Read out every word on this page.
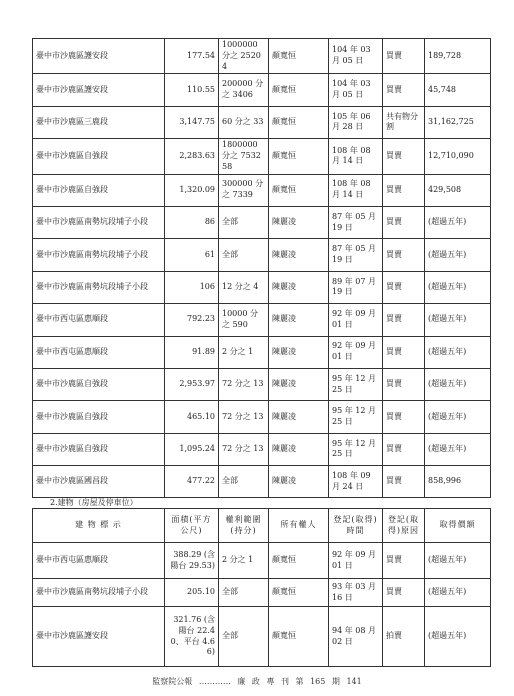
臺中市沙鹿區護安段	177.54	1000000 分之 25204	顏寬恒	104 年 03 月 05 日	買賣	189,728
臺中市沙鹿區護安段	110.55	200000 分之 3406	顏寬恒	104 年 03 月 05 日	買賣	45,748
臺中市沙鹿區三鹿段	3,147.75	60 分之 33	顏寬恒	105 年 06 月 28 日	共有物分割	31,162,725
臺中市沙鹿區自強段	2,283.63	1800000 分之 753258	顏寬恒	108 年 08 月 14 日	買賣	12,710,090
臺中市沙鹿區自強段	1,320.09	300000 分之 7339	顏寬恒	108 年 08 月 14 日	買賣	429,508
臺中市沙鹿區南勢坑段埔子小段	86	全部	陳麗凌	87 年 05 月 19 日	買賣	(超過五年)
臺中市沙鹿區南勢坑段埔子小段	61	全部	陳麗凌	87 年 05 月 19 日	買賣	(超過五年)
臺中市沙鹿區南勢坑段埔子小段	106	12 分之 4	陳麗凌	89 年 07 月 19 日	買賣	(超過五年)
臺中市西屯區惠順段	792.23	10000 分之 590	陳麗凌	92 年 09 月 01 日	買賣	(超過五年)
臺中市西屯區惠順段	91.89	2 分之 1	陳麗凌	92 年 09 月 01 日	買賣	(超過五年)
臺中市沙鹿區自強段	2,953.97	72 分之 13	陳麗凌	95 年 12 月 25 日	買賣	(超過五年)
臺中市沙鹿區自強段	465.10	72 分之 13	陳麗凌	95 年 12 月 25 日	買賣	(超過五年)
臺中市沙鹿區自強段	1,095.24	72 分之 13	陳麗凌	95 年 12 月 25 日	買賣	(超過五年)
臺中市沙鹿區國昌段	477.22	全部	陳麗凌	108 年 09 月 24 日	買賣	858,996
2.建物（房屋及停車位）
建 物 標 示	面積(平方公尺)	權利範圍(持分)	所有權人	登記(取得)時間	登記(取得)原因	取得價額
臺中市西屯區惠順段	388.29 (含陽台 29.53)	2 分之 1	顏寬恒	92 年 09 月 01 日	買賣	(超過五年)
臺中市沙鹿區南勢坑段埔子小段	205.10	全部	顏寬恒	93 年 03 月 16 日	買賣	(超過五年)
臺中市沙鹿區護安段	321.76 (含陽台 22.40、平台 4.66)	全部	顏寬恒	94 年 08 月 02 日	拍賣	(超過五年)
監察院公報 ………… 廉 政 專 刊 第 165 期 141
